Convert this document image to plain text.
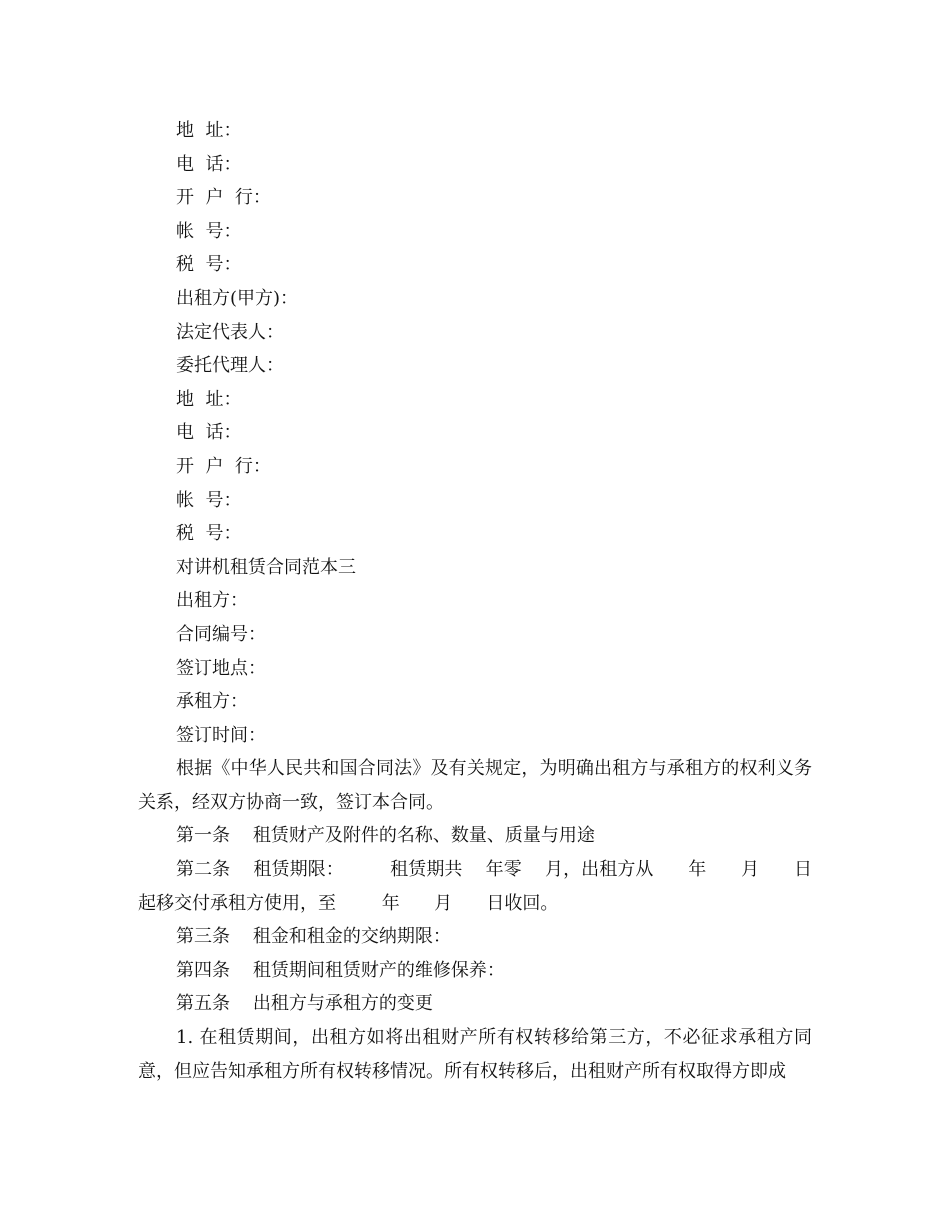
地  址：
电  话：
开  户  行：
帐  号：
税  号：
出租方(甲方)：
法定代表人：
委托代理人：
地  址：
电  话：
开  户  行：
帐  号：
税  号：
对讲机租赁合同范本三
出租方：
合同编号：
签订地点：
承租方：
签订时间：

根据《中华人民共和国合同法》及有关规定，为明确出租方与承租方的权利义务关系，经双方协商一致，签订本合同。

第一条    租赁财产及附件的名称、数量、质量与用途

第二条    租赁期限：        租赁期共    年零    月，出租方从      年      月      日起移交付承租方使用，至        年      月      日收回。

第三条    租金和租金的交纳期限：
第四条    租赁期间租赁财产的维修保养：
第五条    出租方与承租方的变更

1. 在租赁期间，出租方如将出租财产所有权转移给第三方，不必征求承租方同意，但应告知承租方所有权转移情况。所有权转移后，出租财产所有权取得方即成
